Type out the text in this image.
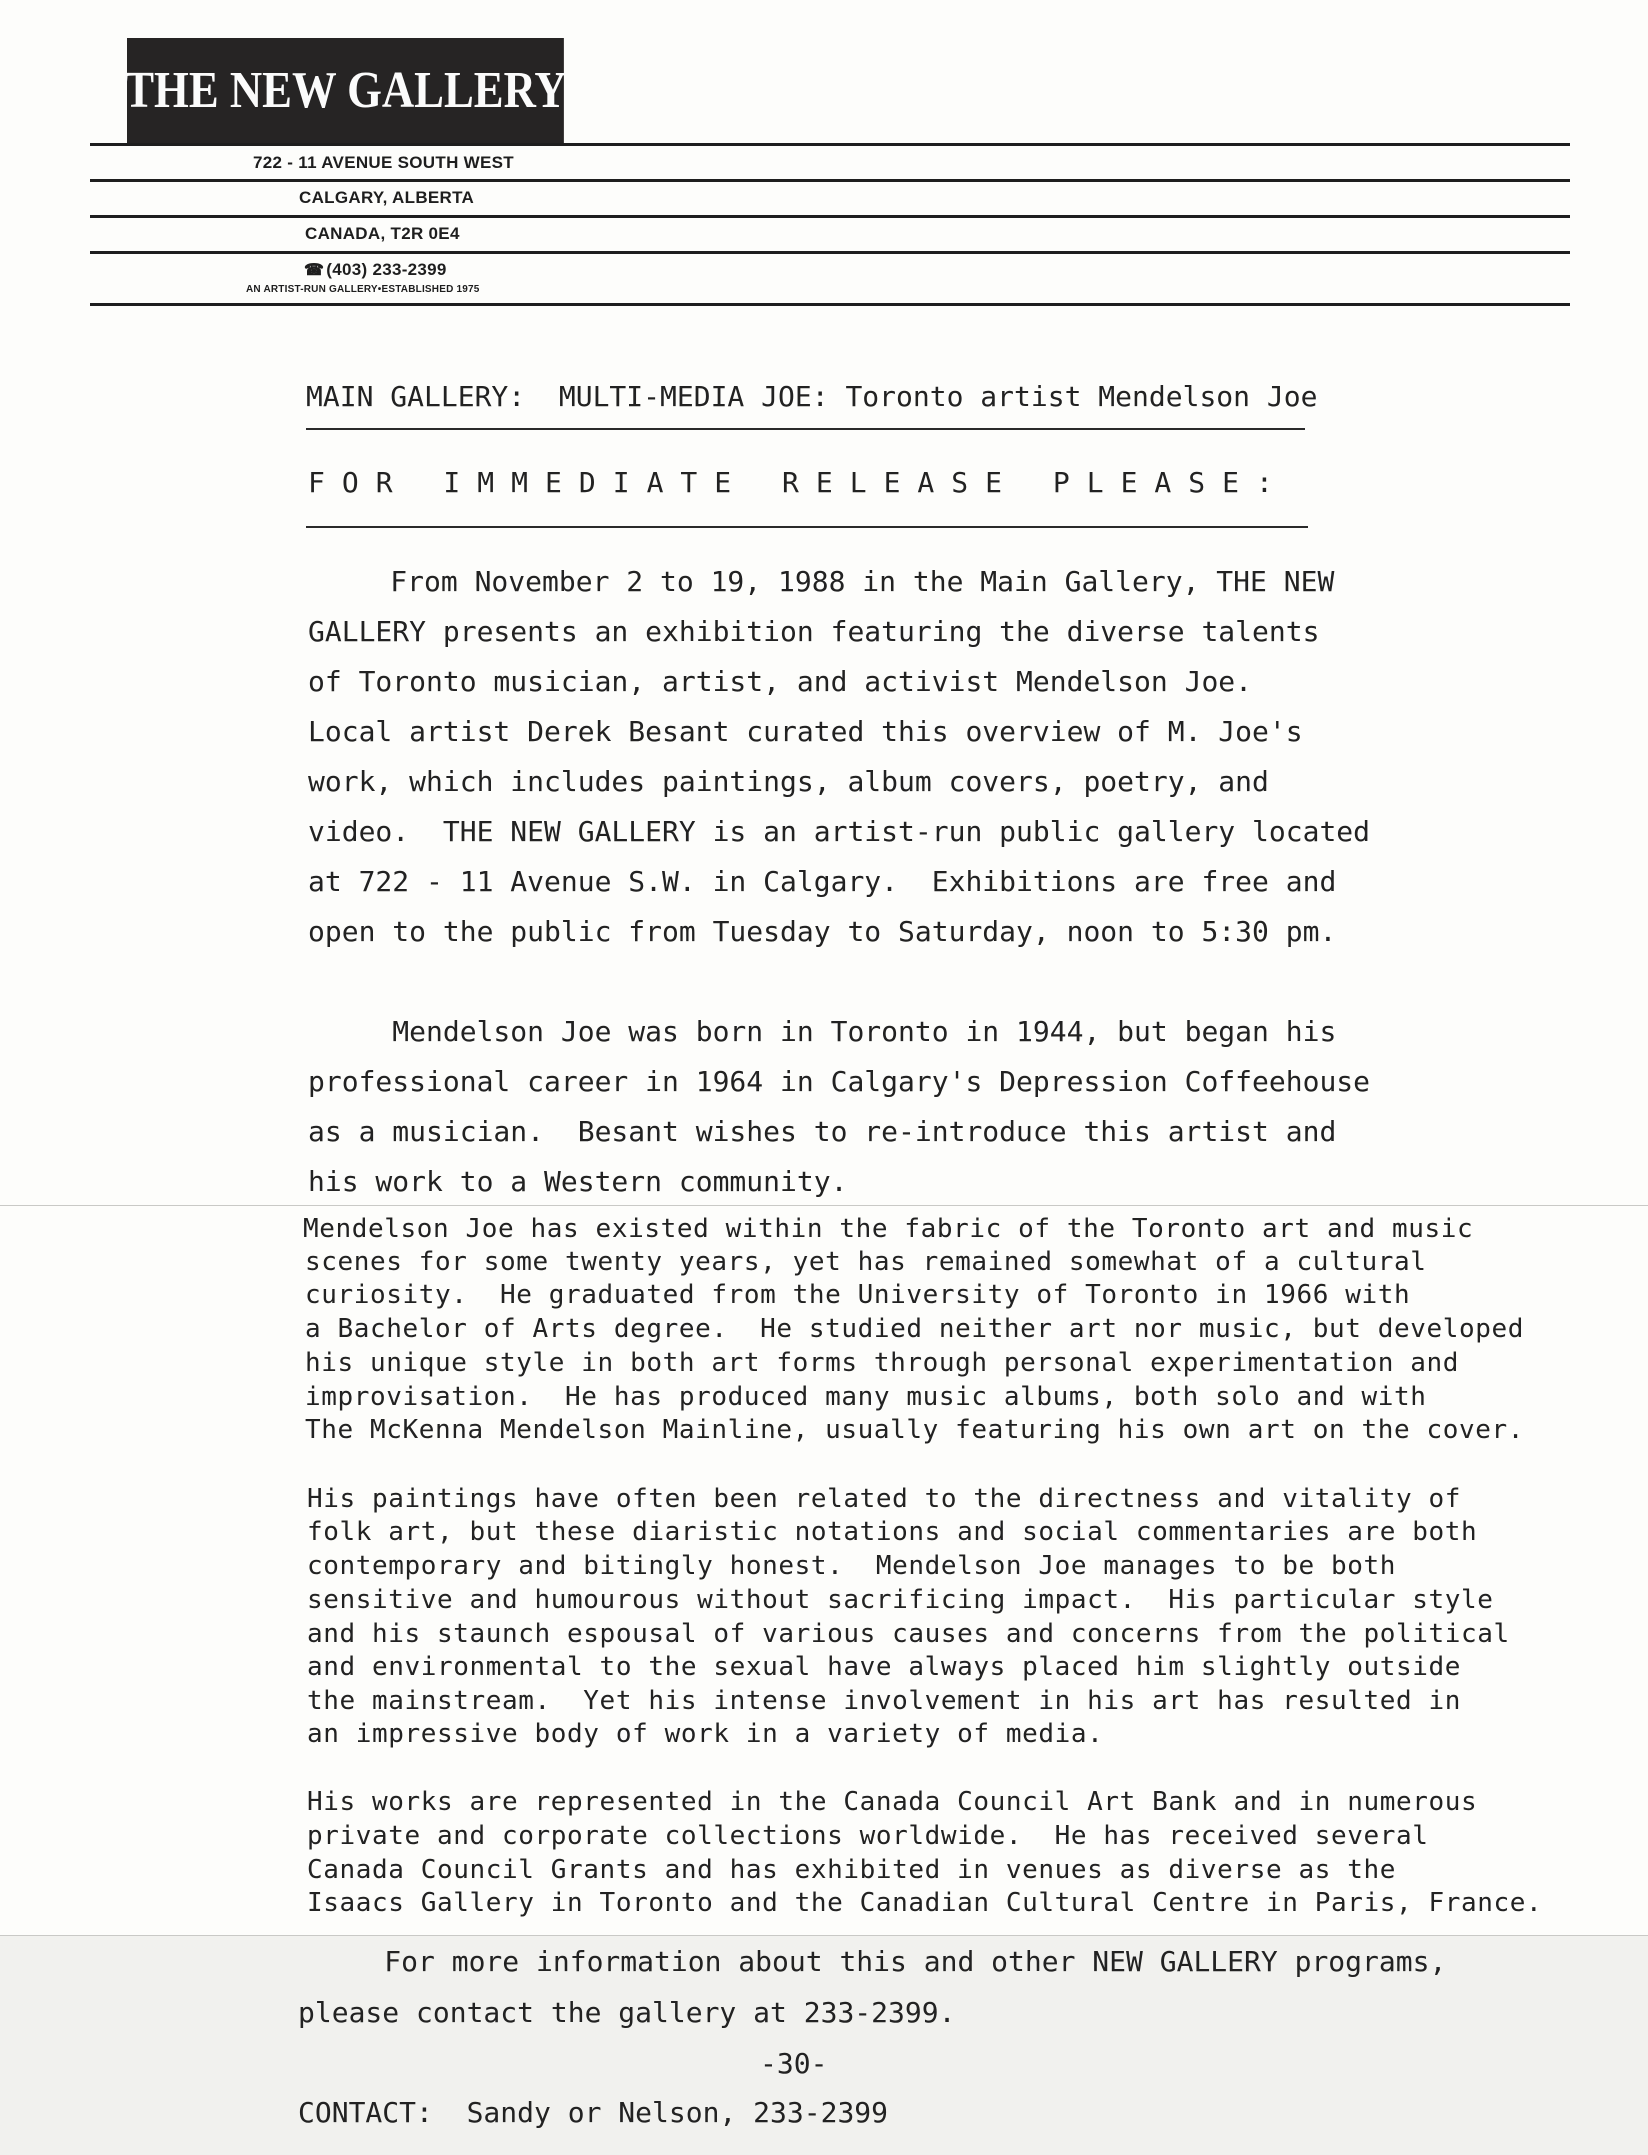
THE NEW GALLERY
722 - 11 AVENUE SOUTH WEST
CALGARY, ALBERTA
CANADA, T2R 0E4
☎ (403) 233-2399
AN ARTIST-RUN GALLERY•ESTABLISHED 1975
MAIN GALLERY:  MULTI-MEDIA JOE: Toronto artist Mendelson Joe
FOR IMMEDIATE RELEASE PLEASE:
From November 2 to 19, 1988 in the Main Gallery, THE NEW
GALLERY presents an exhibition featuring the diverse talents
of Toronto musician, artist, and activist Mendelson Joe.
Local artist Derek Besant curated this overview of M. Joe's
work, which includes paintings, album covers, poetry, and
video.  THE NEW GALLERY is an artist-run public gallery located
at 722 - 11 Avenue S.W. in Calgary.  Exhibitions are free and
open to the public from Tuesday to Saturday, noon to 5:30 pm.
Mendelson Joe was born in Toronto in 1944, but began his
professional career in 1964 in Calgary's Depression Coffeehouse
as a musician.  Besant wishes to re-introduce this artist and
his work to a Western community.
Mendelson Joe has existed within the fabric of the Toronto art and music
scenes for some twenty years, yet has remained somewhat of a cultural
curiosity.  He graduated from the University of Toronto in 1966 with
a Bachelor of Arts degree.  He studied neither art nor music, but developed
his unique style in both art forms through personal experimentation and
improvisation.  He has produced many music albums, both solo and with
The McKenna Mendelson Mainline, usually featuring his own art on the cover.
His paintings have often been related to the directness and vitality of
folk art, but these diaristic notations and social commentaries are both
contemporary and bitingly honest.  Mendelson Joe manages to be both
sensitive and humourous without sacrificing impact.  His particular style
and his staunch espousal of various causes and concerns from the political
and environmental to the sexual have always placed him slightly outside
the mainstream.  Yet his intense involvement in his art has resulted in
an impressive body of work in a variety of media.
His works are represented in the Canada Council Art Bank and in numerous
private and corporate collections worldwide.  He has received several
Canada Council Grants and has exhibited in venues as diverse as the
Isaacs Gallery in Toronto and the Canadian Cultural Centre in Paris, France.
For more information about this and other NEW GALLERY programs,
please contact the gallery at 233-2399.
-30-
CONTACT:  Sandy or Nelson, 233-2399
